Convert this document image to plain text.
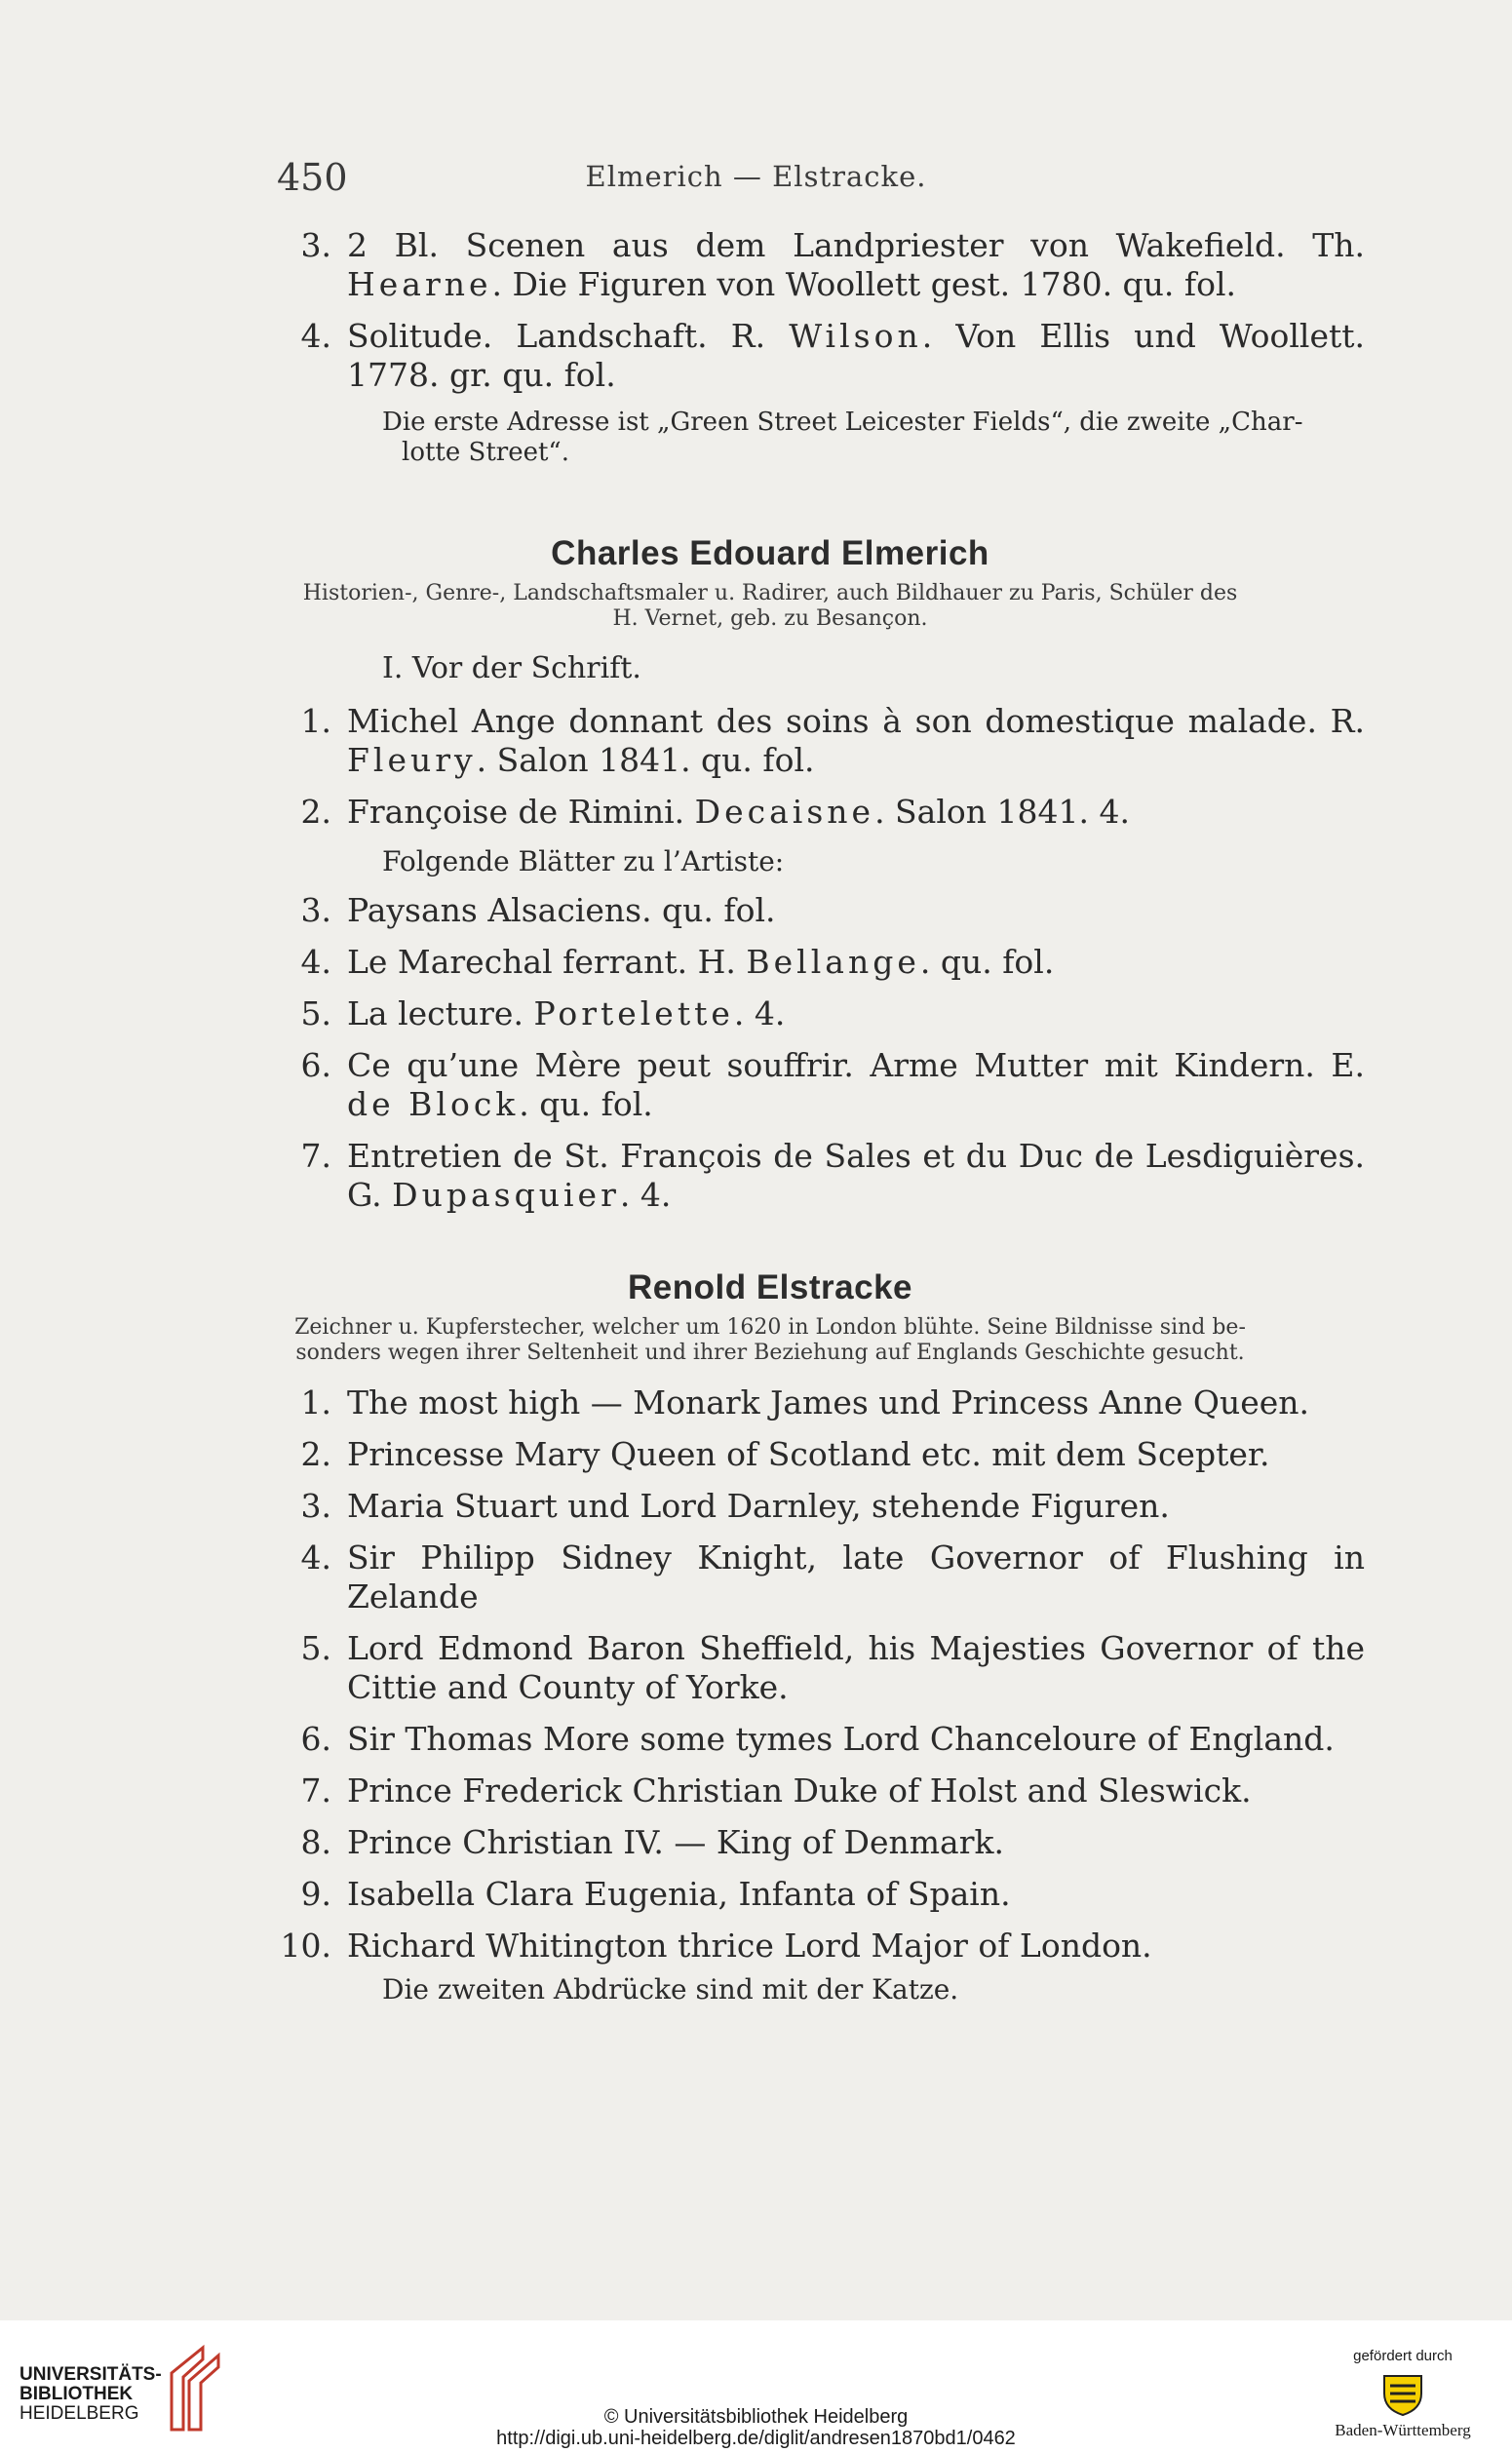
450	Elmerich — Elstracke.
3. 2 Bl. Scenen aus dem Landpriester von Wakefield. Th. Hearne. Die Figuren von Woollett gest. 1780. qu. fol.
4. Solitude. Landschaft. R. Wilson. Von Ellis und Woollett. 1778. gr. qu. fol.
Die erste Adresse ist „Green Street Leicester Fields“, die zweite „Char-
lotte Street“.
Charles Edouard Elmerich
Historien-, Genre-, Landschaftsmaler u. Radirer, auch Bildhauer zu Paris, Schüler des
H. Vernet, geb. zu Besançon.
I. Vor der Schrift.
1. Michel Ange donnant des soins à son domestique malade. R. Fleury. Salon 1841. qu. fol.
2. Françoise de Rimini. Decaisne. Salon 1841. 4.
Folgende Blätter zu l’Artiste:
3. Paysans Alsaciens. qu. fol.
4. Le Marechal ferrant. H. Bellange. qu. fol.
5. La lecture. Portelette. 4.
6. Ce qu’une Mère peut souffrir. Arme Mutter mit Kindern. E. de Block. qu. fol.
7. Entretien de St. François de Sales et du Duc de Lesdiguières. G. Dupasquier. 4.
Renold Elstracke
Zeichner u. Kupferstecher, welcher um 1620 in London blühte. Seine Bildnisse sind be-
sonders wegen ihrer Seltenheit und ihrer Beziehung auf Englands Geschichte gesucht.
1. The most high — Monark James und Princess Anne Queen.
2. Princesse Mary Queen of Scotland etc. mit dem Scepter.
3. Maria Stuart und Lord Darnley, stehende Figuren.
4. Sir Philipp Sidney Knight, late Governor of Flushing in Zelande
5. Lord Edmond Baron Sheffield, his Majesties Governor of the Cittie and County of Yorke.
6. Sir Thomas More some tymes Lord Chanceloure of England.
7. Prince Frederick Christian Duke of Holst and Sleswick.
8. Prince Christian IV. — King of Denmark.
9. Isabella Clara Eugenia, Infanta of Spain.
10. Richard Whitington thrice Lord Major of London.
Die zweiten Abdrücke sind mit der Katze.
UNIVERSITÄTS-
BIBLIOTHEK
HEIDELBERG	© Universitätsbibliothek Heidelberg
http://digi.ub.uni-heidelberg.de/diglit/andresen1870bd1/0462
gefördert durch
Baden-Württemberg
